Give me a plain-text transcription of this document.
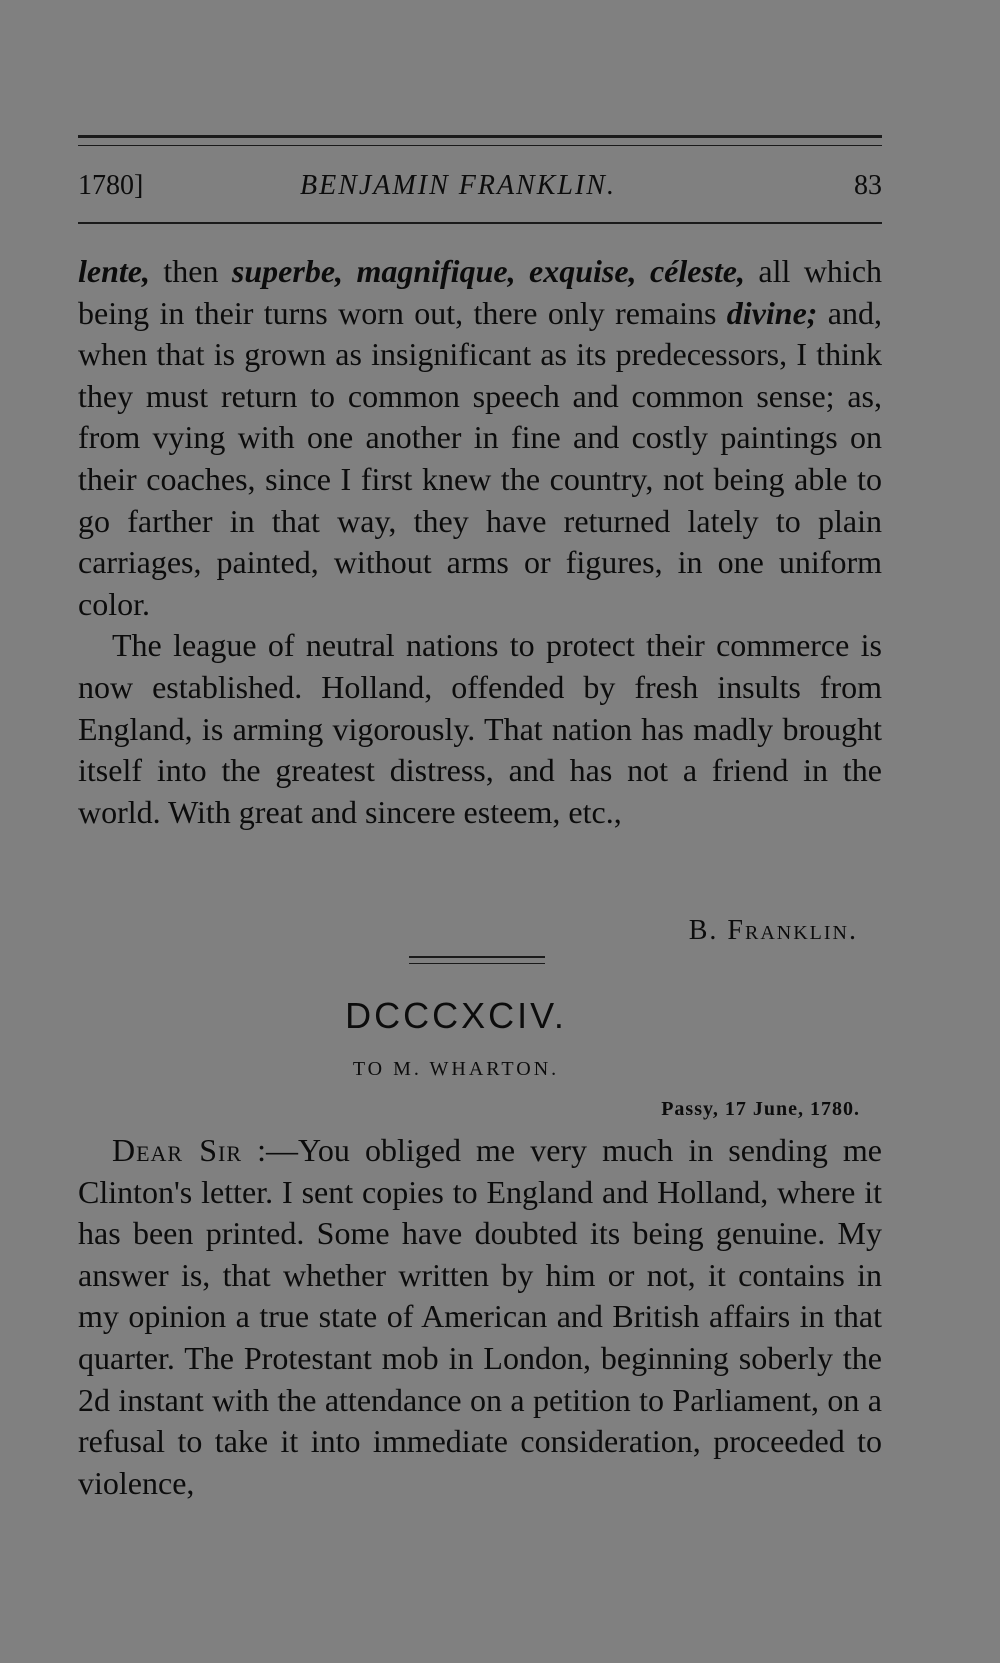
1780]	BENJAMIN FRANKLIN.	83

lente, then superbe, magnifique, exquise, céleste, all which being in their turns worn out, there only remains divine; and, when that is grown as insignificant as its predecessors, I think they must return to common speech and common sense; as, from vying with one another in fine and costly paintings on their coaches, since I first knew the country, not being able to go farther in that way, they have returned lately to plain carriages, painted, without arms or figures, in one uniform color.

The league of neutral nations to protect their commerce is now established. Holland, offended by fresh insults from England, is arming vigorously. That nation has madly brought itself into the greatest distress, and has not a friend in the world. With great and sincere esteem, etc.,

B. Franklin.
DCCCXCIV.
TO M. WHARTON.
Passy, 17 June, 1780.

Dear Sir :—You obliged me very much in sending me Clinton's letter. I sent copies to England and Holland, where it has been printed. Some have doubted its being genuine. My answer is, that whether written by him or not, it contains in my opinion a true state of American and British affairs in that quarter. The Protestant mob in London, beginning soberly the 2d instant with the attendance on a petition to Parliament, on a refusal to take it into immediate consideration, proceeded to violence,
